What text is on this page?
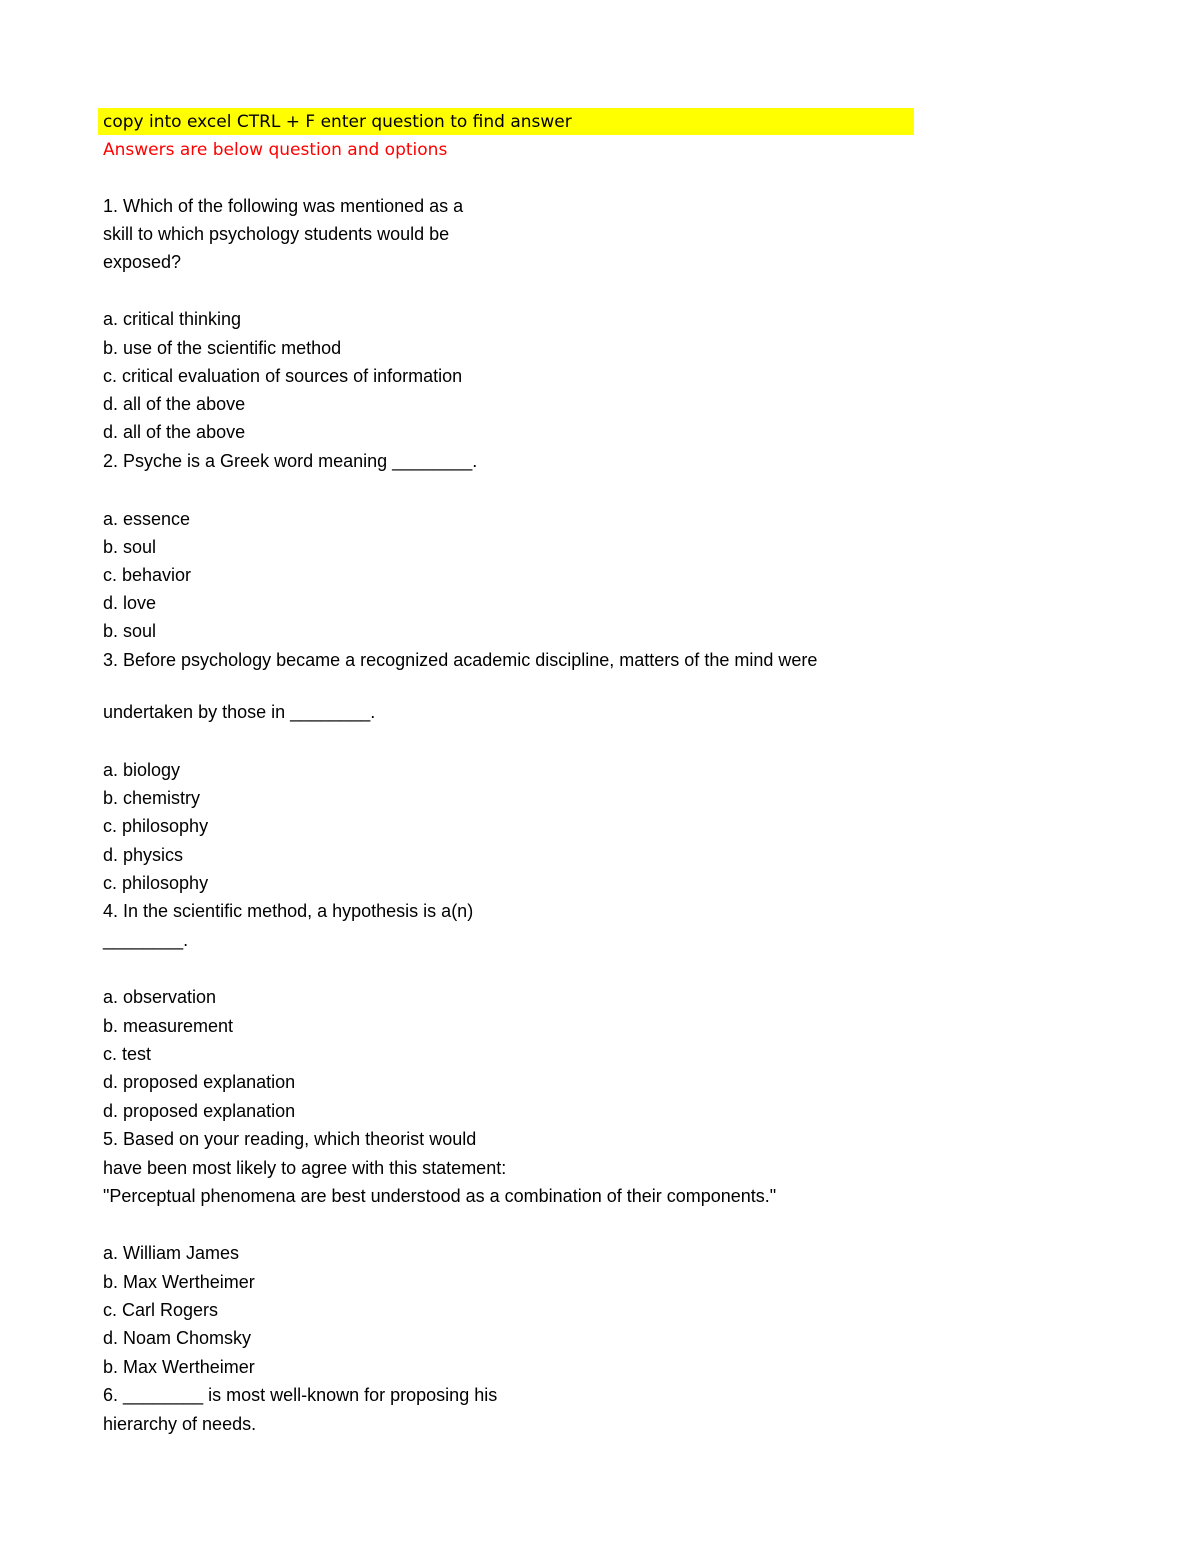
copy into excel CTRL + F enter question to find answer
Answers are below question and options
1. Which of the following was mentioned as a
skill to which psychology students would be
exposed?
a. critical thinking
b. use of the scientific method
c. critical evaluation of sources of information
d. all of the above
d. all of the above
2. Psyche is a Greek word meaning ________.
a. essence
b. soul
c. behavior
d. love
b. soul
3. Before psychology became a recognized academic discipline, matters of the mind were
undertaken by those in ________.
a. biology
b. chemistry
c. philosophy
d. physics
c. philosophy
4. In the scientific method, a hypothesis is a(n)
________.
a. observation
b. measurement
c. test
d. proposed explanation
d. proposed explanation
5. Based on your reading, which theorist would
have been most likely to agree with this statement:
"Perceptual phenomena are best understood as a combination of their components."
a. William James
b. Max Wertheimer
c. Carl Rogers
d. Noam Chomsky
b. Max Wertheimer
6. ________ is most well-known for proposing his
hierarchy of needs.
